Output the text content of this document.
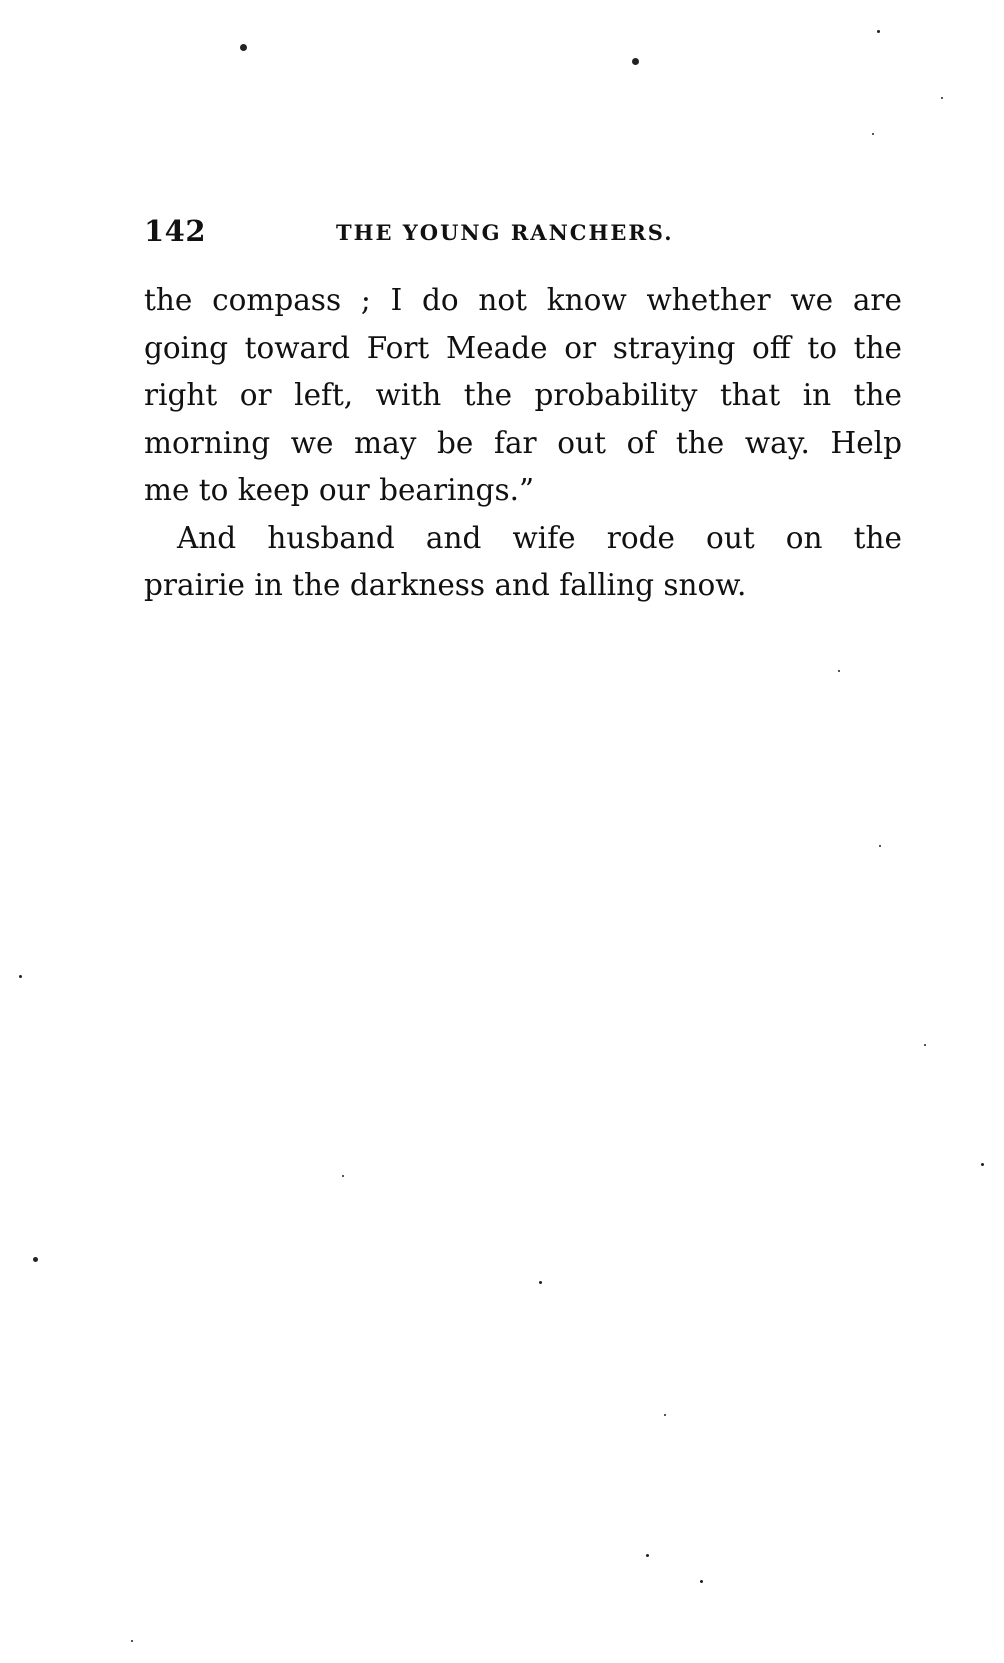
142	THE YOUNG RANCHERS.
the compass ; I do not know whether we are
going toward Fort Meade or straying off to the
right or left, with the probability that in the
morning we may be far out of the way. Help
me to keep our bearings.”
And husband and wife rode out on the
prairie in the darkness and falling snow.
